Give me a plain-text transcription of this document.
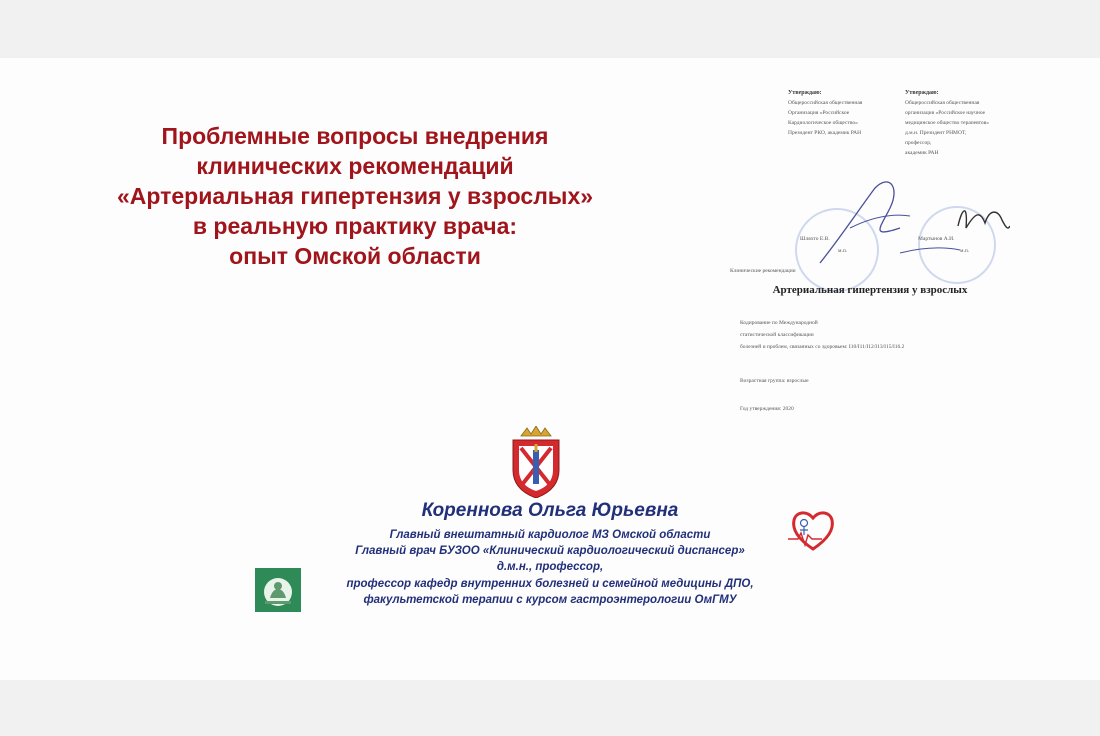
Проблемные вопросы внедрения
клинических рекомендаций
«Артериальная гипертензия у взрослых»
в реальную практику врача:
опыт Омской области
Утверждаю:
Общероссийская общественная
Организация «Российское
Кардиологическое общество»
Президент РКО, академик РАН
Утверждаю:
Общероссийская общественная
организация «Российское научное
медицинское общество терапевтов»
д.м.н. Президент РНМОТ,
профессор,
академик РАН
Шляхто Е.В.	Мартынов А.И.
м.п.	м.п.
Клинические рекомендации
Артериальная гипертензия у взрослых
Кодирование по Международной
статистической классификации
болезней и проблем, связанных со здоровьем: I10/I11/I12/I13/I15/I16.2
Возрастная группа: взрослые
Год утверждения: 2020
Кореннова Ольга Юрьевна
Главный внештатный кардиолог МЗ Омской области
Главный врач БУЗОО «Клинический кардиологический диспансер»
д.м.н., профессор,
профессор кафедр внутренних болезней и семейной медицины ДПО,
факультетской терапии с курсом гастроэнтерологии ОмГМУ
